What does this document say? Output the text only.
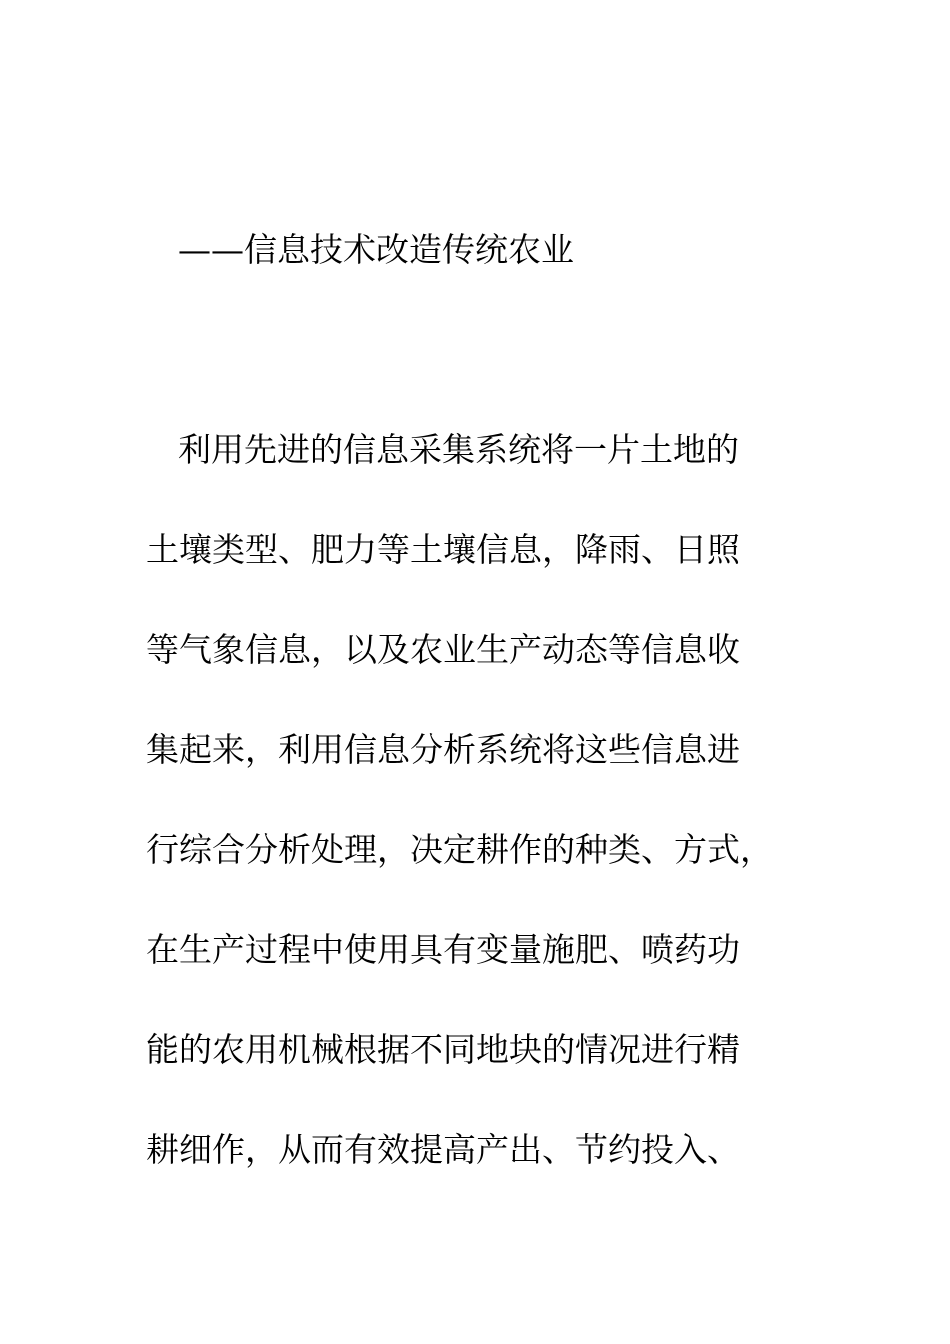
——信息技术改造传统农业
利用先进的信息采集系统将一片土地的
土壤类型、肥力等土壤信息，降雨、日照
等气象信息，以及农业生产动态等信息收
集起来，利用信息分析系统将这些信息进
行综合分析处理，决定耕作的种类、方式，
在生产过程中使用具有变量施肥、喷药功
能的农用机械根据不同地块的情况进行精
耕细作，从而有效提高产出、节约投入、
